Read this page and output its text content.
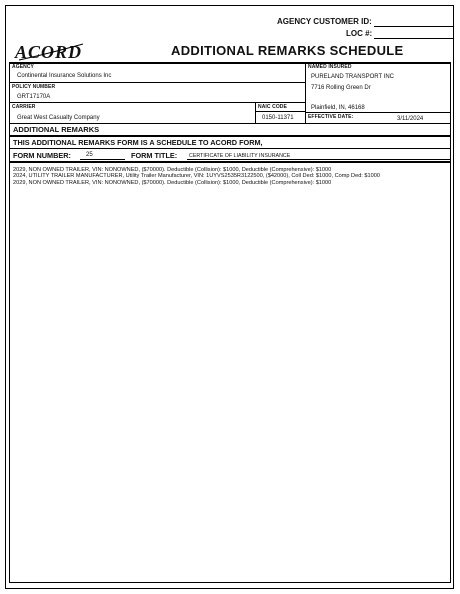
AGENCY CUSTOMER ID:
LOC #:
ACORD	ADDITIONAL REMARKS SCHEDULE
AGENCY
Continental Insurance Solutions Inc
POLICY NUMBER
GRT17170A
CARRIER
Great West Casualty Company
NAIC CODE
0150-11371
NAMED INSURED
PURELAND TRANSPORT INC
7716 Rolling Green Dr
Plainfield, IN, 46168
EFFECTIVE DATE:	3/11/2024
ADDITIONAL REMARKS
THIS ADDITIONAL REMARKS FORM IS A SCHEDULE TO ACORD FORM,
FORM NUMBER:	25	FORM TITLE: CERTIFICATE OF LIABILITY INSURANCE

2029, NON OWNED TRAILER, VIN: NONOWNED, ($70000). Deductible (Collision): $1000, Deductible (Comprehensive): $1000

2024, UTILITY TRAILER MANUFACTURER, Utility Trailer Manufacturer, VIN: 1UYVS2535R3122500, ($42000), Coll Ded: $1000, Comp Ded: $1000

2029, NON OWNED TRAILER, VIN: NONOWNED, ($70000). Deductible (Collision): $1000, Deductible (Comprehensive): $1000
